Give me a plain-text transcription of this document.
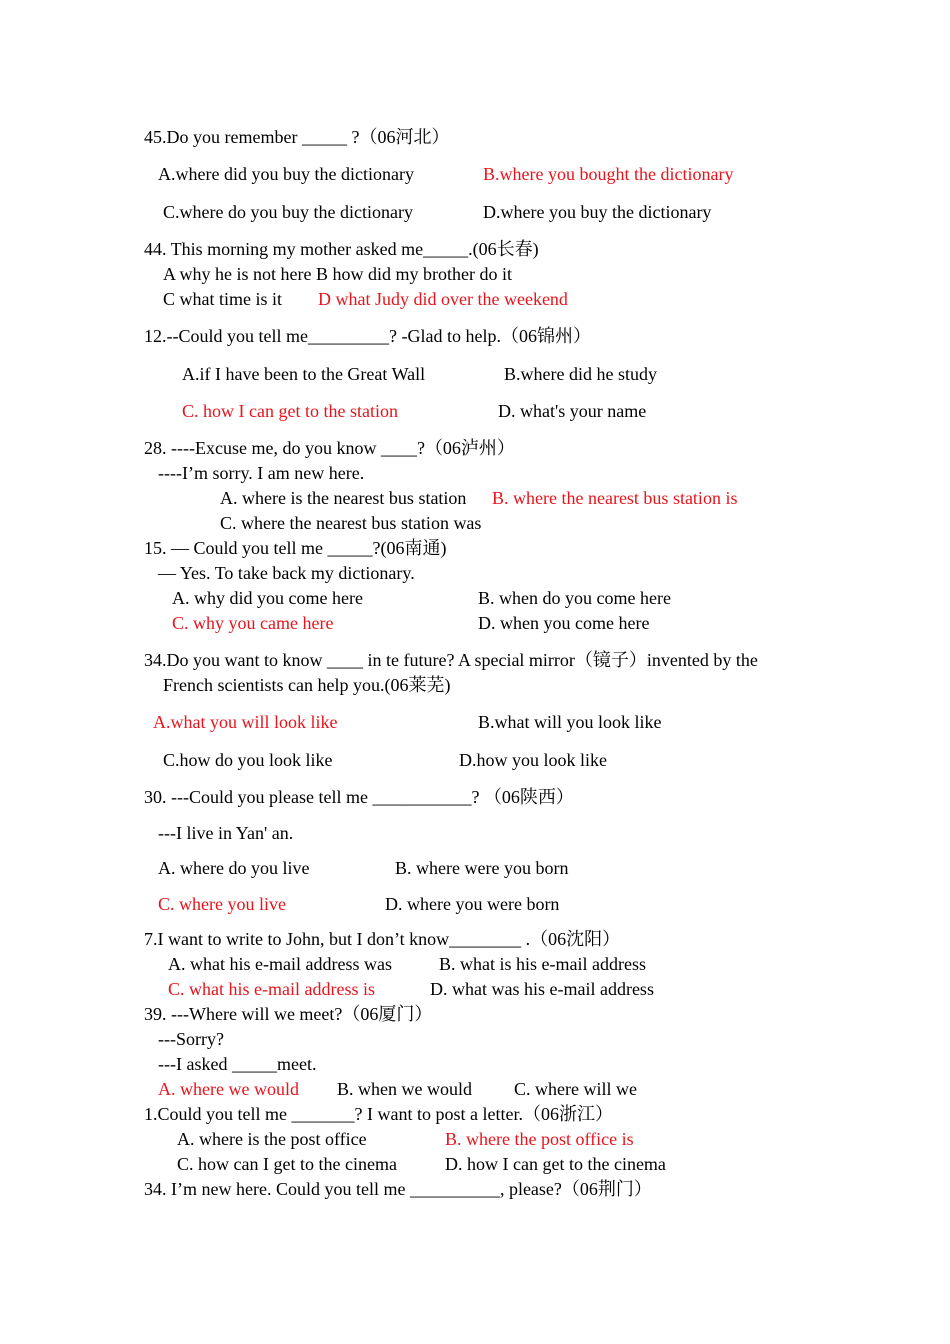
45.Do you remember _____ ?（06河北）
A.where did you buy the dictionary	B.where you bought the dictionary
C.where do you buy the dictionary	D.where you buy the dictionary
44. This morning my mother asked me_____.(06长春)
A why he is not here B how did my brother do it
C what time is it D what Judy did over the weekend
12.--Could you tell me_________? -Glad to help.（06锦州）
A.if I have been to the Great Wall	B.where did he study
C. how I can get to the station	D. what's your name
28. ----Excuse me, do you know ____?（06泸州）
----I’m sorry. I am new here.
A. where is the nearest bus station B. where the nearest bus station is
C. where the nearest bus station was
15. — Could you tell me _____?(06南通)
— Yes. To take back my dictionary.
A. why did you come here	B. when do you come here
C. why you came here	D. when you come here
34.Do you want to know ____ in te future? A special mirror（镜子）invented by the
French scientists can help you.(06莱芜)
A.what you will look like	B.what will you look like
C.how do you look like	D.how you look like
30. ---Could you please tell me ___________? （06陕西）
---I live in Yan' an.
A. where do you live	B. where were you born
C. where you live	D. where you were born
7.I want to write to John, but I don’t know________ .（06沈阳）
A. what his e-mail address was	B. what is his e-mail address
C. what his e-mail address is	D. what was his e-mail address
39. ---Where will we meet?（06厦门）
---Sorry?
---I asked _____meet.
A. where we would B. when we would C. where will we
1.Could you tell me _______? I want to post a letter.（06浙江）
A. where is the post office	B. where the post office is
C. how can I get to the cinema	D. how I can get to the cinema
34. I’m new here. Could you tell me __________, please?（06荆门）
